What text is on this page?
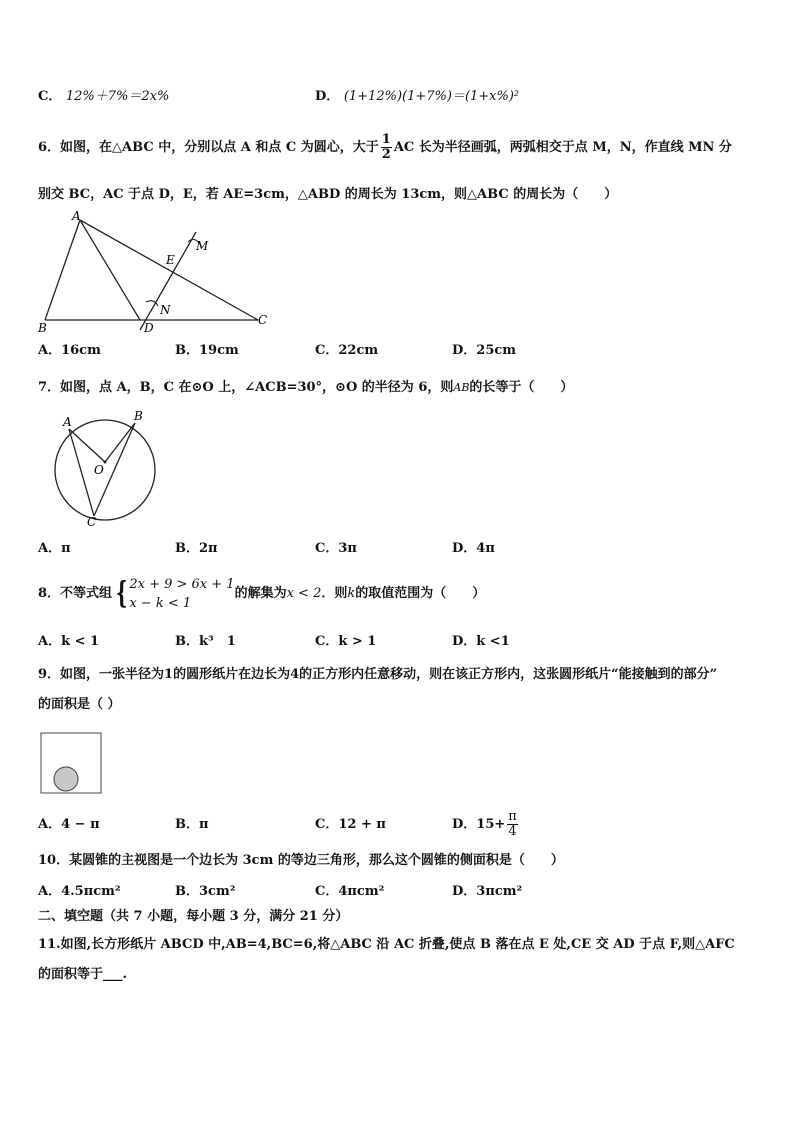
C． 12%＋7%＝2x%	D． (1+12%)(1+7%)＝(1+x%)²
6．如图，在△ABC 中，分别以点 A 和点 C 为圆心，大于 $\frac{1}{2}$ AC 长为半径画弧，两弧相交于点 M，N，作直线 MN 分
别交 BC，AC 于点 D，E，若 AE=3cm，△ABD 的周长为 13cm，则△ABC 的周长为（　　）
A
B
C
D
E
M
N
A．16cm	B．19cm	C．22cm	D．25cm
7．如图，点 A，B，C 在⊙O 上，∠ACB=30°，⊙O 的半径为 6，则AB的长等于（　　）
A	B
C
O
A．π	B．2π	C．3π	D．4π
8．不等式组 { 2x + 9 > 6x + 1
x − k < 1
的解集为x < 2．则k的取值范围为（　　）
A．k < 1	B．k³　1	C．k > 1	D．k <1
9．如图，一张半径为1的圆形纸片在边长为4的正方形内任意移动，则在该正方形内，这张圆形纸片“能接触到的部分”
的面积是（ ）
A．4 − π	B．π	C．12 + π	D．$15+ \frac{\pi}{4}$
10．某圆锥的主视图是一个边长为 3cm 的等边三角形，那么这个圆锥的侧面积是（　　）
A．4.5πcm²	B．3cm²	C．4πcm²	D．3πcm²
二、填空题（共 7 小题，每小题 3 分，满分 21 分）
11.如图,长方形纸片 ABCD 中,AB=4,BC=6,将△ABC 沿 AC 折叠,使点 B 落在点 E 处,CE 交 AD 于点 F,则△AFC
的面积等于___.
